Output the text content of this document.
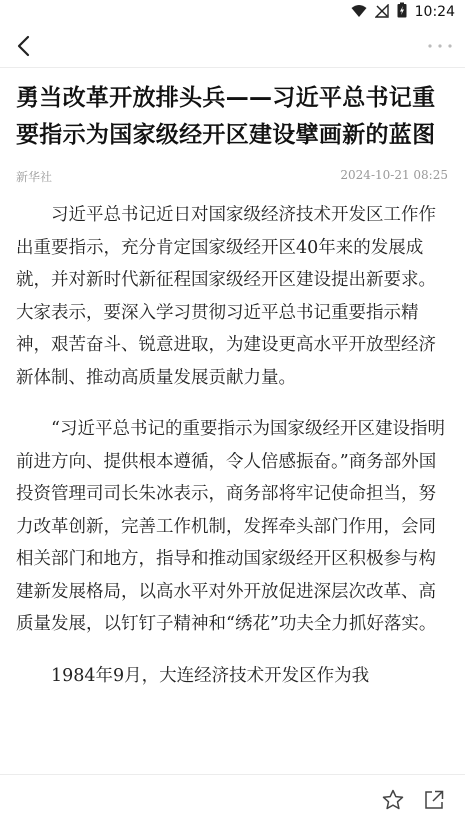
10:24
勇当改革开放排头兵——习近平总书记重要指示为国家级经开区建设擘画新的蓝图
新华社	2024-10-21 08:25

习近平总书记近日对国家级经济技术开发区工作作出重要指示，充分肯定国家级经开区40年来的发展成就，并对新时代新征程国家级经开区建设提出新要求。大家表示，要深入学习贯彻习近平总书记重要指示精神，艰苦奋斗、锐意进取，为建设更高水平开放型经济新体制、推动高质量发展贡献力量。

“习近平总书记的重要指示为国家级经开区建设指明前进方向、提供根本遵循，令人倍感振奋。”商务部外国投资管理司司长朱冰表示，商务部将牢记使命担当，努力改革创新，完善工作机制，发挥牵头部门作用，会同相关部门和地方，指导和推动国家级经开区积极参与构建新发展格局，以高水平对外开放促进深层次改革、高质量发展，以钉钉子精神和“绣花”功夫全力抓好落实。

1984年9月，大连经济技术开发区作为我
